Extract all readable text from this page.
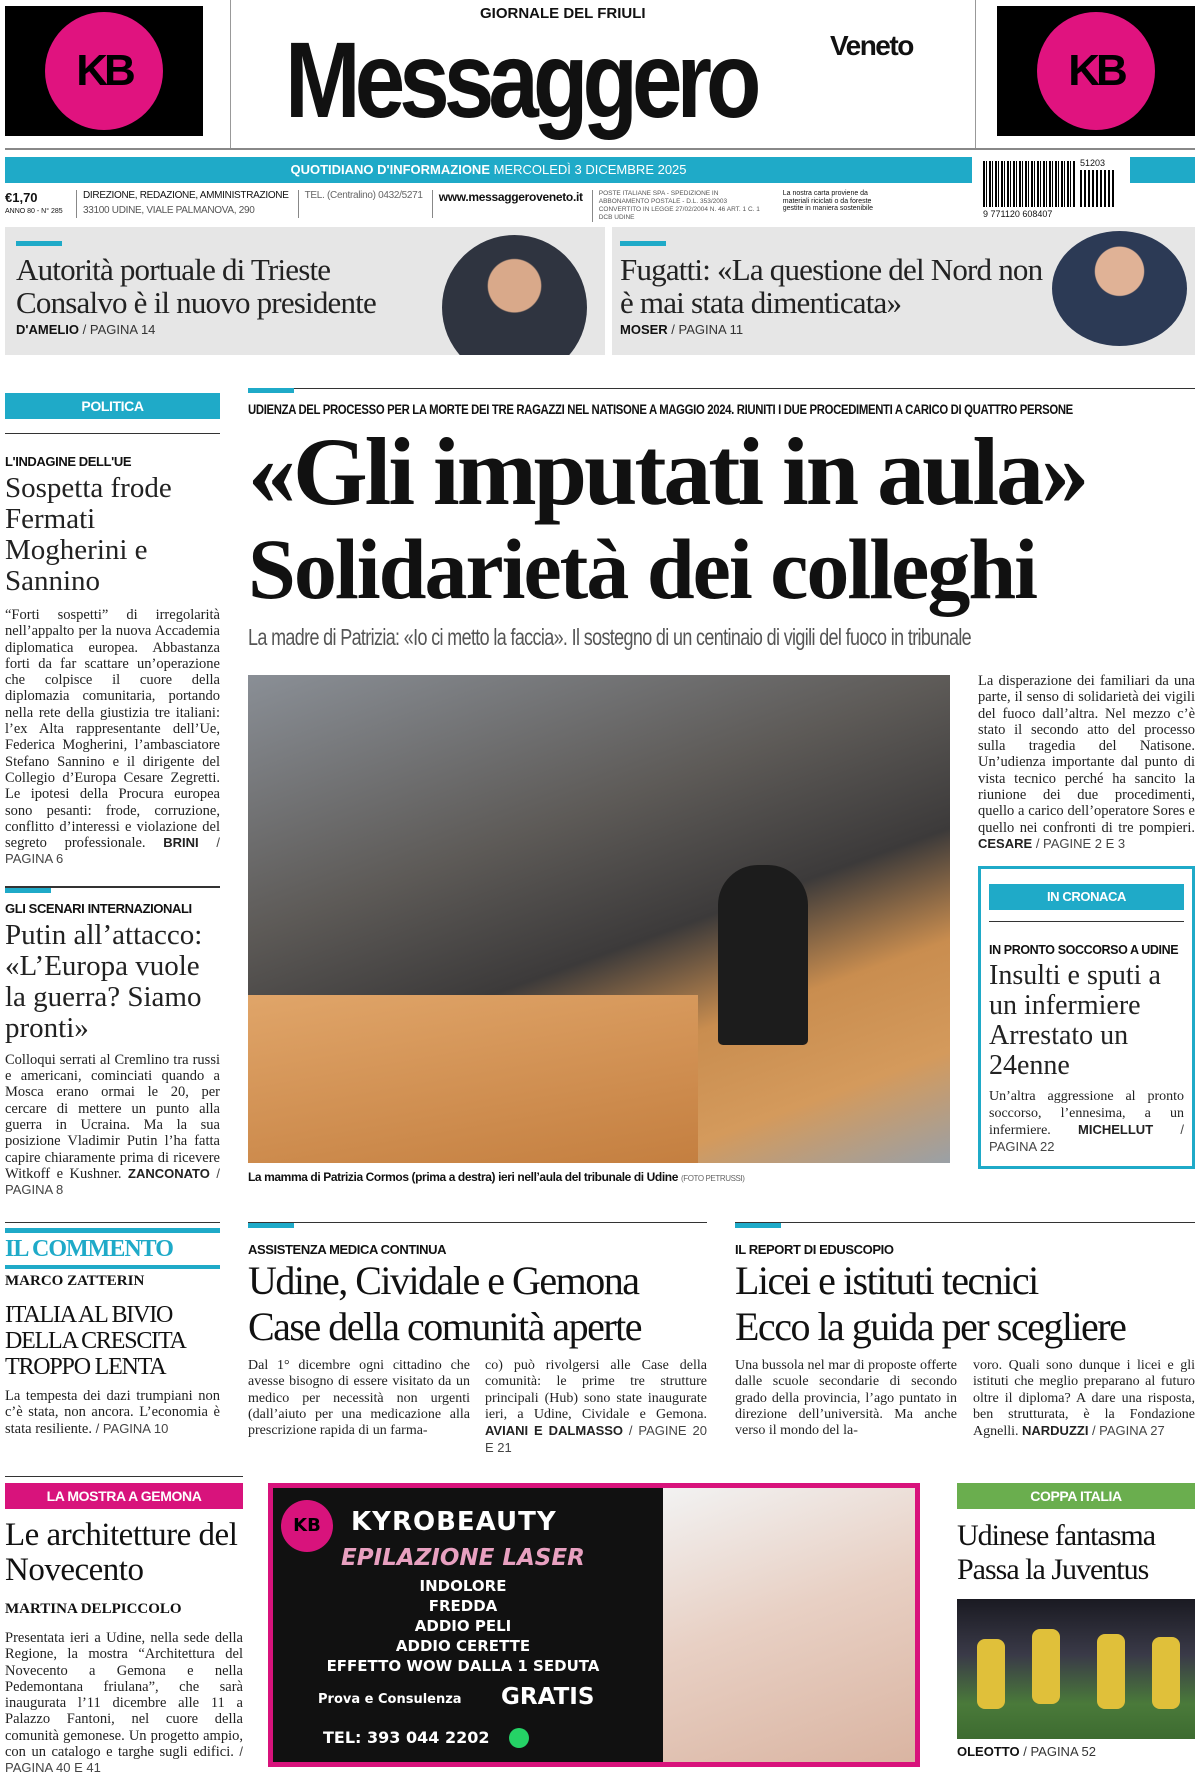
KB	KB
GIORNALE DEL FRIULI
Messaggero	Veneto
QUOTIDIANO D'INFORMAZIONE MERCOLEDÌ 3 DICEMBRE 2025	51203
9 771120 608407
€1,70
ANNO 80 - N° 285
DIREZIONE, REDAZIONE, AMMINISTRAZIONE
33100 UDINE, VIALE PALMANOVA, 290
TEL. (Centralino) 0432/5271	www.messaggeroveneto.it	POSTE ITALIANE SPA - SPEDIZIONE IN ABBONAMENTO POSTALE - D.L. 353/2003 CONVERTITO IN LEGGE 27/02/2004 N. 46 ART. 1 C. 1 DCB UDINE
La nostra carta proviene da materiali riciclati o da foreste gestite in maniera sostenibile
Autorità portuale di Trieste Consalvo è il nuovo presidente
D'AMELIO / PAGINA 14
Fugatti: «La questione del Nord non è mai stata dimenticata»
MOSER / PAGINA 11
POLITICA
L'INDAGINE DELL'UE
Sospetta frode Fermati Mogherini e Sannino
“Forti sospetti” di irregolarità nell’appalto per la nuova Accademia diplomatica europea. Abbastanza forti da far scattare un’operazione che colpisce il cuore della diplomazia comunitaria, portando nella rete della giustizia tre italiani: l’ex Alta rappresentante dell’Ue, Federica Mogherini, l’ambasciatore Stefano Sannino e il dirigente del Collegio d’Europa Cesare Zegretti. Le ipotesi della Procura europea sono pesanti: frode, corruzione, conflitto d’interessi e violazione del segreto professionale. BRINI / PAGINA 6
GLI SCENARI INTERNAZIONALI
Putin all’attacco: «L’Europa vuole la guerra? Siamo pronti»
Colloqui serrati al Cremlino tra russi e americani, cominciati quando a Mosca erano ormai le 20, per cercare di mettere un punto alla guerra in Ucraina. Ma la sua posizione Vladimir Putin l’ha fatta capire chiaramente prima di ricevere Witkoff e Kushner. ZANCONATO / PAGINA 8
UDIENZA DEL PROCESSO PER LA MORTE DEI TRE RAGAZZI NEL NATISONE A MAGGIO 2024. RIUNITI I DUE PROCEDIMENTI A CARICO DI QUATTRO PERSONE
«Gli imputati in aula»
Solidarietà dei colleghi
La madre di Patrizia: «Io ci metto la faccia». Il sostegno di un centinaio di vigili del fuoco in tribunale
La mamma di Patrizia Cormos (prima a destra) ieri nell’aula del tribunale di Udine (FOTO PETRUSSI)
La disperazione dei familiari da una parte, il senso di solidarietà dei vigili del fuoco dall’altra. Nel mezzo c’è stato il secondo atto del processo sulla tragedia del Natisone. Un’udienza importante dal punto di vista tecnico perché ha sancito la riunione dei due procedimenti, quello a carico dell’operatore Sores e quello nei confronti di tre pompieri. CESARE / PAGINE 2 E 3
IN CRONACA
IN PRONTO SOCCORSO A UDINE
Insulti e sputi a un infermiere Arrestato un 24enne
Un’altra aggressione al pronto soccorso, l’ennesima, a un infermiere. MICHELLUT / PAGINA 22
IL COMMENTO
MARCO ZATTERIN
ITALIA AL BIVIO DELLA CRESCITA TROPPO LENTA
La tempesta dei dazi trumpiani non c’è stata, non ancora. L’economia è stata resiliente. / PAGINA 10
ASSISTENZA MEDICA CONTINUA
Udine, Cividale e Gemona
Case della comunità aperte
Dal 1° dicembre ogni cittadino che avesse bisogno di essere visitato da un medico per necessità non urgenti (dall’aiuto per una medicazione alla prescrizione rapida di un farma-
co) può rivolgersi alle Case della comunità: le prime tre strutture principali (Hub) sono state inaugurate ieri, a Udine, Cividale e Gemona. AVIANI E DALMASSO / PAGINE 20 E 21
IL REPORT DI EDUSCOPIO
Licei e istituti tecnici
Ecco la guida per scegliere
Una bussola nel mar di proposte offerte dalle scuole secondarie di secondo grado della provincia, l’ago puntato in direzione dell’università. Ma anche verso il mondo del la-
voro. Quali sono dunque i licei e gli istituti che meglio preparano al futuro oltre il diploma? A dare una risposta, ben strutturata, è la Fondazione Agnelli. NARDUZZI / PAGINA 27
LA MOSTRA A GEMONA
Le architetture del Novecento
MARTINA DELPICCOLO
Presentata ieri a Udine, nella sede della Regione, la mostra “Architettura del Novecento a Gemona e nella Pedemontana friulana”, che sarà inaugurata l’11 dicembre alle 11 a Palazzo Fantoni, nel cuore della comunità gemonese. Un progetto ampio, con un catalogo e targhe sugli edifici. / PAGINA 40 E 41
KB	KYROBEAUTY
EPILAZIONE LASER
INDOLORE
FREDDA
ADDIO PELI
ADDIO CERETTE
EFFETTO WOW DALLA 1 SEDUTA
Prova e Consulenza GRATIS
TEL: 393 044 2202
COPPA ITALIA
Udinese fantasma Passa la Juventus
OLEOTTO / PAGINA 52
